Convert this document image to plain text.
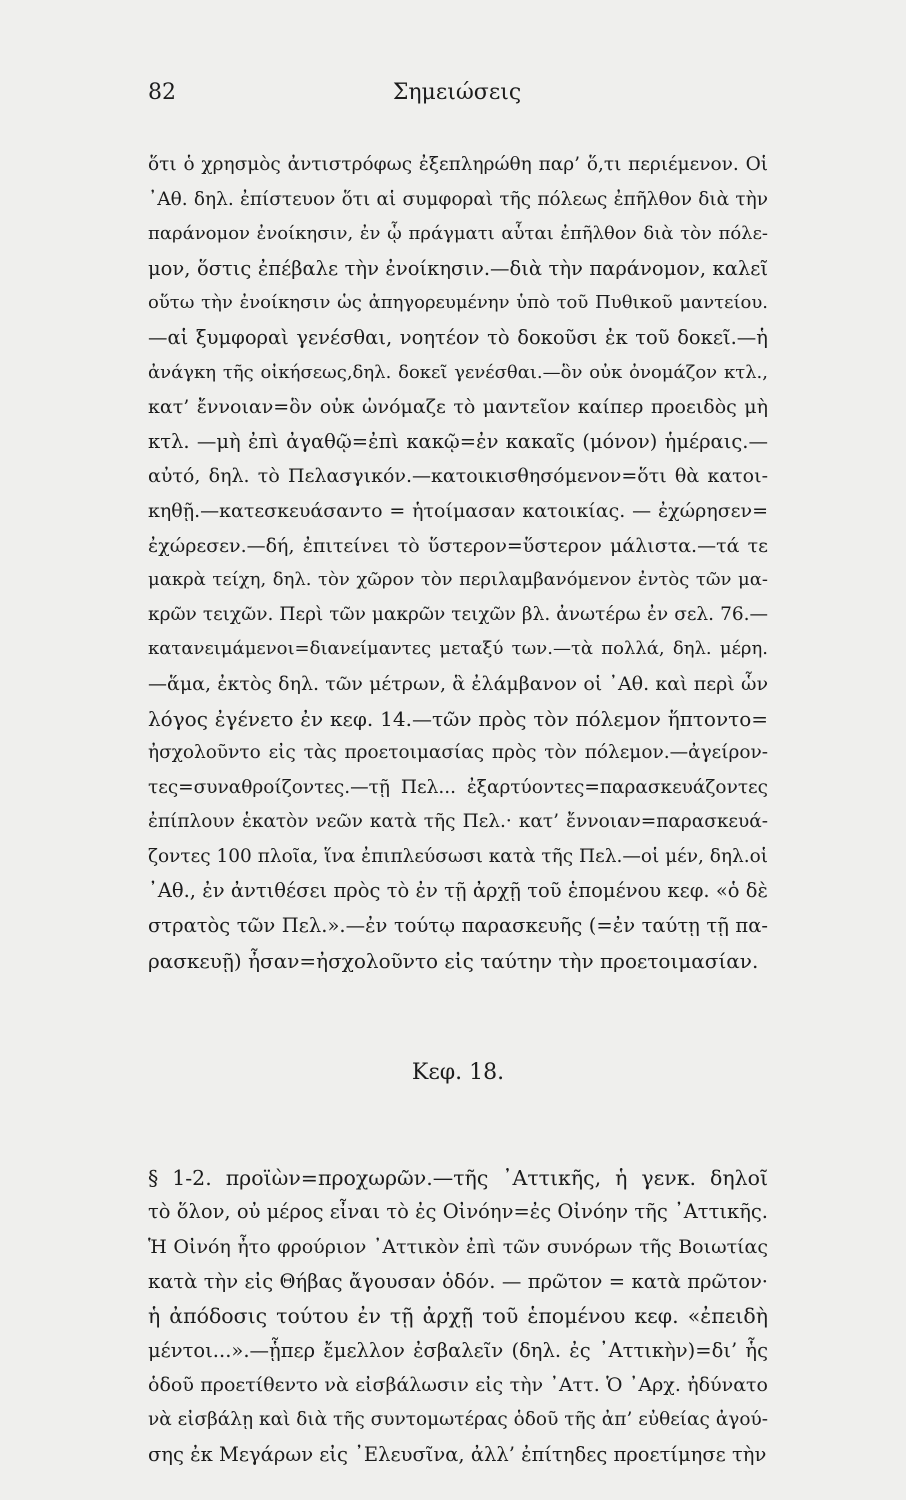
82	Σημειώσεις
ὅτι ὁ χρησμὸς ἀντιστρόφως ἐξεπληρώθη παρ’ ὅ,τι περιέμενον. Οἱ
᾿Αθ. δηλ. ἐπίστευον ὅτι αἱ συμφοραὶ τῆς πόλεως ἐπῆλθον διὰ τὴν
παράνομον ἐνοίκησιν, ἐν ᾧ πράγματι αὗται ἐπῆλθον διὰ τὸν πόλε-
μον, ὅστις ἐπέβαλε τὴν ἐνοίκησιν.—διὰ τὴν παράνομον, καλεῖ
οὕτω τὴν ἐνοίκησιν ὡς ἀπηγορευμένην ὑπὸ τοῦ Πυθικοῦ μαντείου.
—αἱ ξυμφοραὶ γενέσθαι, νοητέον τὸ δοκοῦσι ἐκ τοῦ δοκεῖ.—ἡ
ἀνάγκη τῆς οἰκήσεως,δηλ. δοκεῖ γενέσθαι.—ὃν οὐκ ὀνομάζον κτλ.,
κατ’ ἔννοιαν=ὃν οὐκ ὠνόμαζε τὸ μαντεῖον καίπερ προειδὸς μὴ
κτλ. —μὴ ἐπὶ ἀγαθῷ=ἐπὶ κακῷ=ἐν κακαῖς (μόνον) ἡμέραις.—
αὐτό, δηλ. τὸ Πελασγικόν.—κατοικισθησόμενον=ὅτι θὰ κατοι-
κηθῇ.—κατεσκευάσαντο = ἡτοίμασαν κατοικίας. — ἐχώρησεν=
ἐχώρεσεν.—δή, ἐπιτείνει τὸ ὕστερον=ὕστερον μάλιστα.—τά τε
μακρὰ τείχη, δηλ. τὸν χῶρον τὸν περιλαμβανόμενον ἐντὸς τῶν μα-
κρῶν τειχῶν. Περὶ τῶν μακρῶν τειχῶν βλ. ἀνωτέρω ἐν σελ. 76.—
κατανειμάμενοι=διανείμαντες μεταξύ των.—τὰ πολλά, δηλ. μέρη.
—ἅμα, ἐκτὸς δηλ. τῶν μέτρων, ἃ ἐλάμβανον οἱ ᾿Αθ. καὶ περὶ ὧν
λόγος ἐγένετο ἐν κεφ. 14.—τῶν πρὸς τὸν πόλεμον ἥπτοντο=
ἠσχολοῦντο εἰς τὰς προετοιμασίας πρὸς τὸν πόλεμον.—ἀγείρον-
τες=συναθροίζοντες.—τῇ Πελ... ἐξαρτύοντες=παρασκευάζοντες
ἐπίπλουν ἑκατὸν νεῶν κατὰ τῆς Πελ.· κατ’ ἔννοιαν=παρασκευά-
ζοντες 100 πλοῖα, ἵνα ἐπιπλεύσωσι κατὰ τῆς Πελ.—οἱ μέν, δηλ.οἱ
᾿Αθ., ἐν ἀντιθέσει πρὸς τὸ ἐν τῇ ἀρχῇ τοῦ ἑπομένου κεφ. «ὁ δὲ
στρατὸς τῶν Πελ.».—ἐν τούτῳ παρασκευῆς (=ἐν ταύτῃ τῇ πα-
ρασκευῇ) ἦσαν=ἠσχολοῦντο εἰς ταύτην τὴν προετοιμασίαν.
Κεφ. 18.
§ 1-2. προϊὼν=προχωρῶν.—τῆς ᾿Αττικῆς, ἡ γενκ. δηλοῖ
τὸ ὅλον, οὐ μέρος εἶναι τὸ ἐς Οἰνόην=ἐς Οἰνόην τῆς ᾿Αττικῆς.
Ἡ Οἰνόη ἦτο φρούριον ᾿Αττικὸν ἐπὶ τῶν συνόρων τῆς Βοιωτίας
κατὰ τὴν εἰς Θήβας ἄγουσαν ὁδόν. — πρῶτον = κατὰ πρῶτον·
ἡ ἀπόδοσις τούτου ἐν τῇ ἀρχῇ τοῦ ἑπομένου κεφ. «ἐπειδὴ
μέντοι...».—ᾗπερ ἔμελλον ἐσβαλεῖν (δηλ. ἐς ᾿Αττικὴν)=δι’ ἧς
ὁδοῦ προετίθεντο νὰ εἰσβάλωσιν εἰς τὴν ᾿Αττ. Ὁ ᾿Αρχ. ἠδύνατο
νὰ εἰσβάλῃ καὶ διὰ τῆς συντομωτέρας ὁδοῦ τῆς ἀπ’ εὐθείας ἀγού-
σης ἐκ Μεγάρων εἰς ᾿Ελευσῖνα, ἀλλ’ ἐπίτηδες προετίμησε τὴν
